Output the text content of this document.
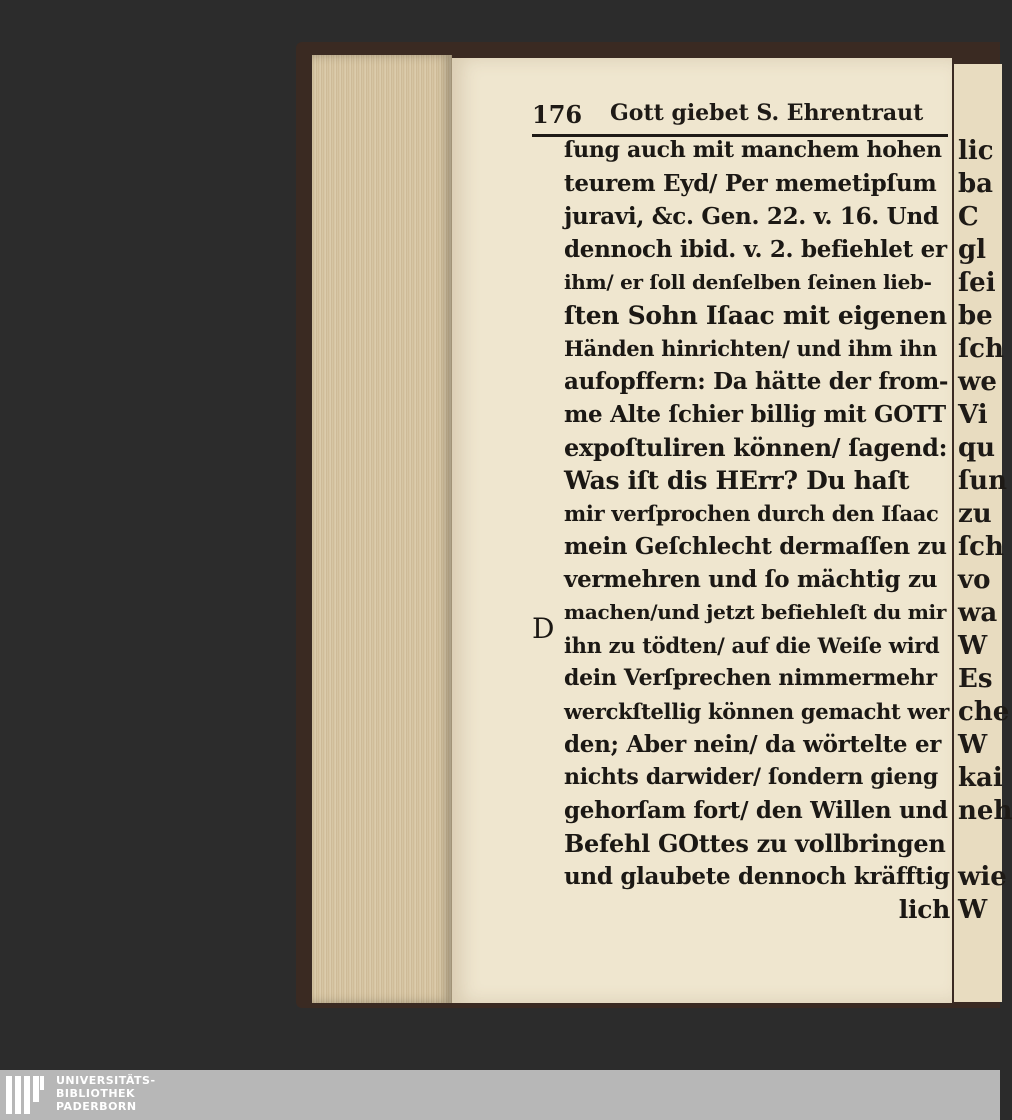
lic
ba
C
gl
ſei
be
ſch
we
Vi
qu
ſun
zu
ſch
vo
wa
W
Es
che
W
kai
neh
wie
W
176 Gott giebet S. Ehrentraut
D
ſung auch mit manchem hohen
teurem Eyd/ Per memetipſum
juravi, &c. Gen. 22. v. 16. Und
dennoch ibid. v. 2. befiehlet er
ihm/ er ſoll denſelben ſeinen lieb-
ſten Sohn Iſaac mit eigenen
Händen hinrichten/ und ihm ihn
aufopffern: Da hätte der from-
me Alte ſchier billig mit GOTT
expoſtuliren können/ ſagend:
Was iſt dis HErr? Du haſt
mir verſprochen durch den Iſaac
mein Geſchlecht dermaſſen zu
vermehren und ſo mächtig zu
machen/und jetzt befiehleſt du mir
ihn zu tödten/ auf die Weiſe wird
dein Verſprechen nimmermehr
werckſtellig können gemacht wer
den; Aber nein/ da wörtelte er
nichts darwider/ ſondern gieng
gehorſam fort/ den Willen und
Befehl GOttes zu vollbringen
und glaubete dennoch kräfftig
lich
UNIVERSITÄTS-
BIBLIOTHEK
PADERBORN
